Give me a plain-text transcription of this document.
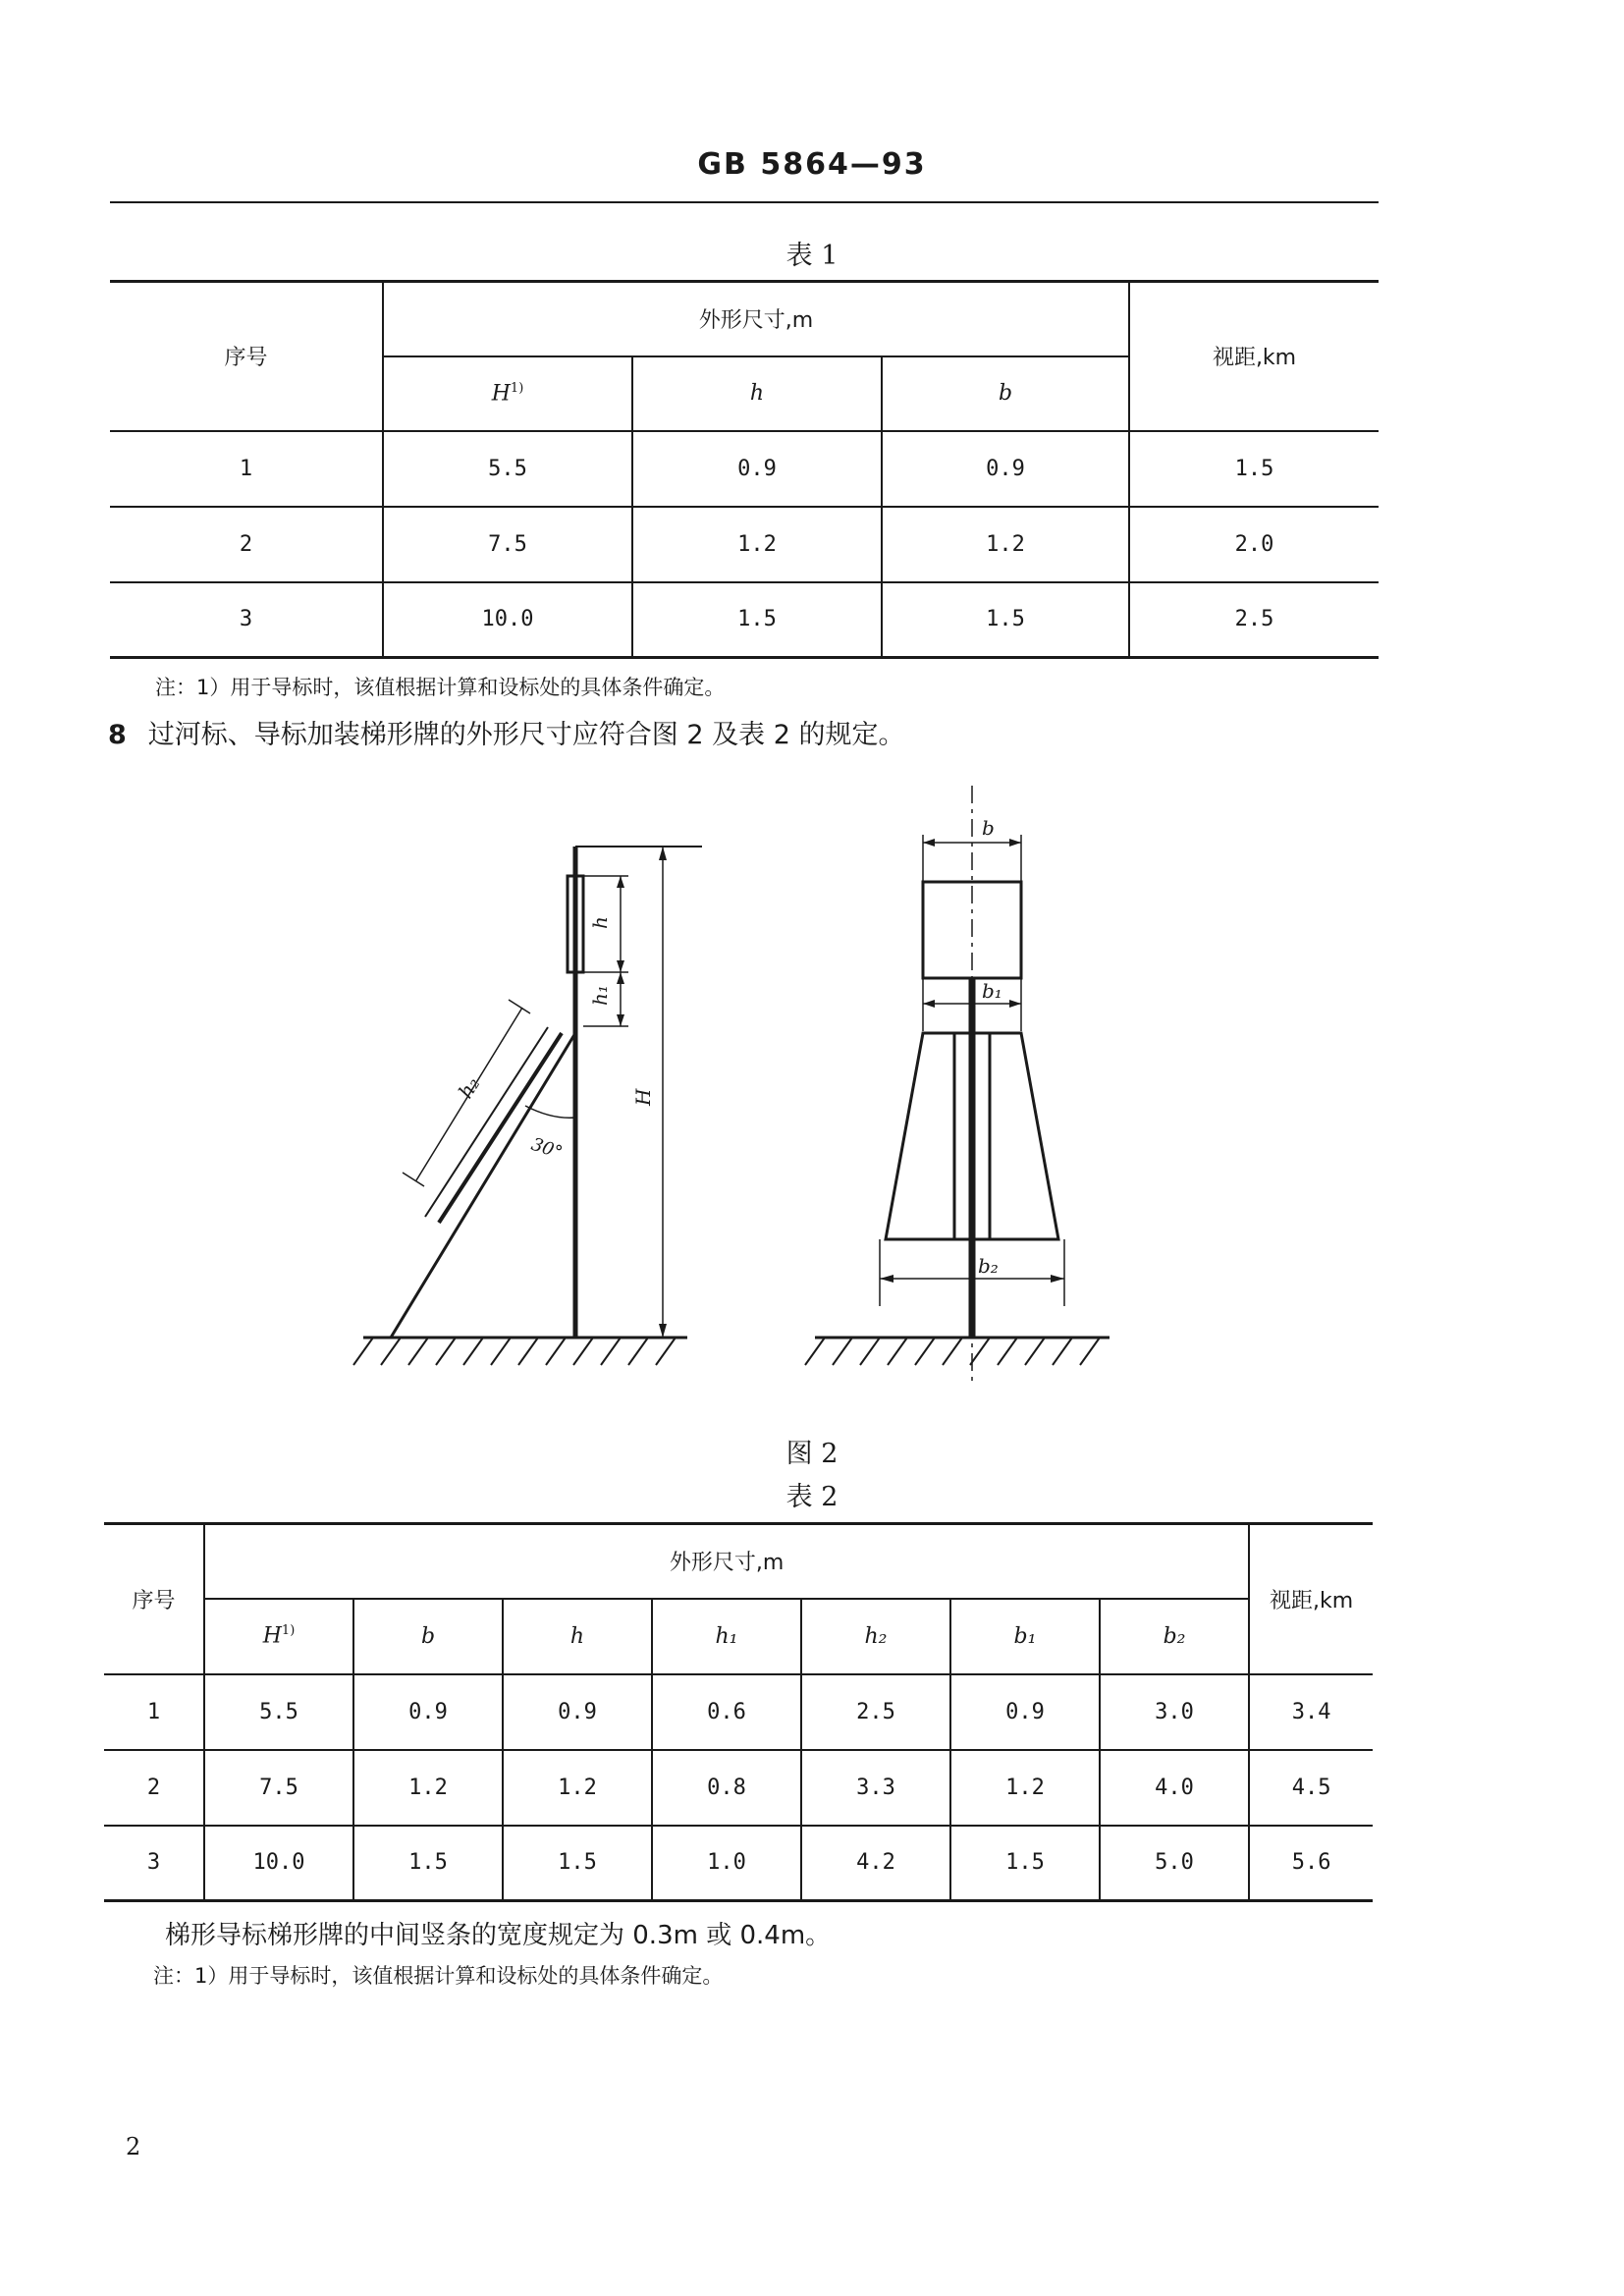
GB 5864—93
表 1
序号	外形尺寸,m			视距,km
	$H^{1)}$	h	b	
1	5.5	0.9	0.9	1.5
2	7.5	1.2	1.2	2.0
3	10.0	1.5	1.5	2.5
注：1）用于导标时，该值根据计算和设标处的具体条件确定。
8 过河标、导标加装梯形牌的外形尺寸应符合图 2 及表 2 的规定。
h
h₁
H
h₂
30°
b
b₁
b₂
图 2
表 2
序号	外形尺寸,m							视距,km
	$H^{1)}$	b	h	h₁	h₂	b₁	b₂	
1	5.5	0.9	0.9	0.6	2.5	0.9	3.0	3.4
2	7.5	1.2	1.2	0.8	3.3	1.2	4.0	4.5
3	10.0	1.5	1.5	1.0	4.2	1.5	5.0	5.6
梯形导标梯形牌的中间竖条的宽度规定为 0.3m 或 0.4m。
注：1）用于导标时，该值根据计算和设标处的具体条件确定。
2
